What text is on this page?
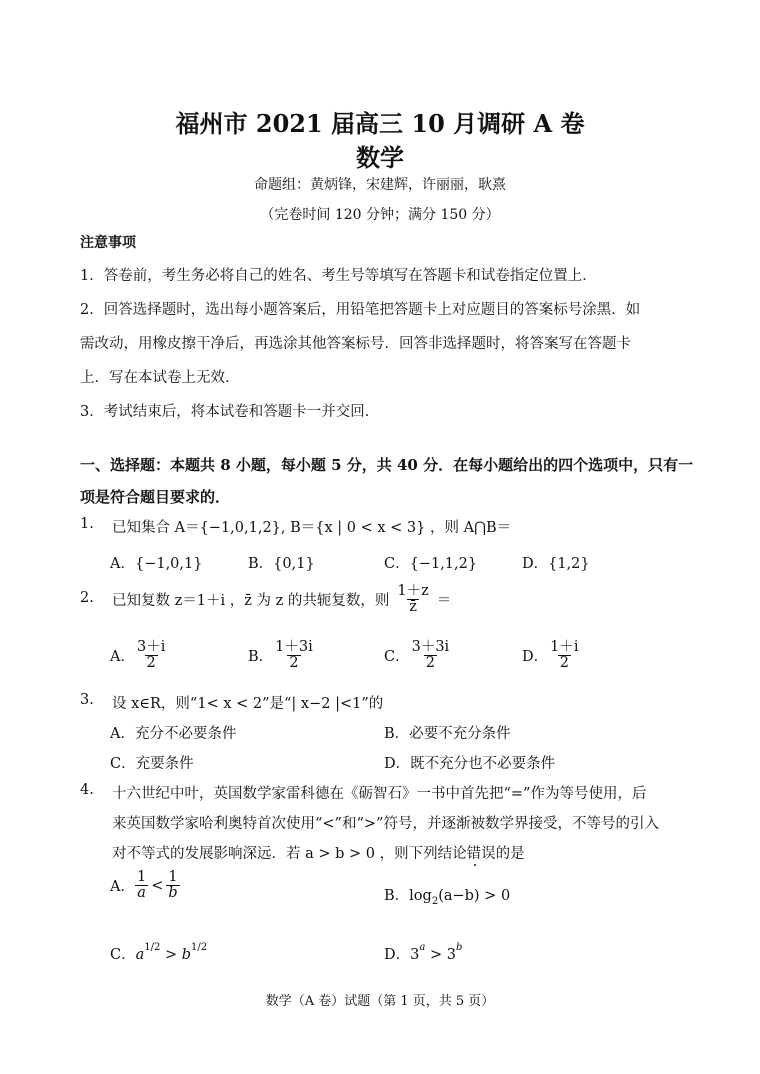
福州市 2021 届高三 10 月调研 A 卷
数学
命题组：黄炳锋，宋建辉，许丽丽，耿熹
（完卷时间 120 分钟；满分 150 分）
注意事项
1．答卷前，考生务必将自己的姓名、考生号等填写在答题卡和试卷指定位置上．
2．回答选择题时，选出每小题答案后，用铅笔把答题卡上对应题目的答案标号涂黑．如
需改动，用橡皮擦干净后，再选涂其他答案标号．回答非选择题时，将答案写在答题卡
上．写在本试卷上无效．
3．考试结束后，将本试卷和答题卡一并交回．
一、选择题：本题共 8 小题，每小题 5 分，共 40 分．在每小题给出的四个选项中，只有一
项是符合题目要求的．
1. 已知集合 A＝{−1,0,1,2}, B＝{x | 0 < x < 3} ，则 A⋂B＝
A．{−1,0,1}	B．{0,1}	C．{−1,1,2}	D．{1,2}
2. 已知复数 z＝1＋i ， z̄ 为 z 的共轭复数，则 $\frac{1+z}{z̄}$ ＝
A． $\frac{3+i}{2}$	B． $\frac{1+3i}{2}$	C． $\frac{3+3i}{2}$	D． $\frac{1+i}{2}$
3. 设 x∈R，则“1< x < 2”是“| x−2 |<1”的
A．充分不必要条件	B．必要不充分条件
C．充要条件	D．既不充分也不必要条件
4. 十六世纪中叶，英国数学家雷科德在《砺智石》一书中首先把“=”作为等号使用，后
来英国数学家哈利奥特首次使用“<”和“>”符号，并逐渐被数学界接受，不等号的引入
对不等式的发展影响深远．若 a > b > 0 ，则下列结论错误的是
A． $\frac{1}{a} < \frac{1}{b}$	B．$\log_2(a-b) > 0$
C．$a^{1/2} > b^{1/2}$	D．$3^a > 3^b$
数学（A 卷）试题（第 1 页，共 5 页）
